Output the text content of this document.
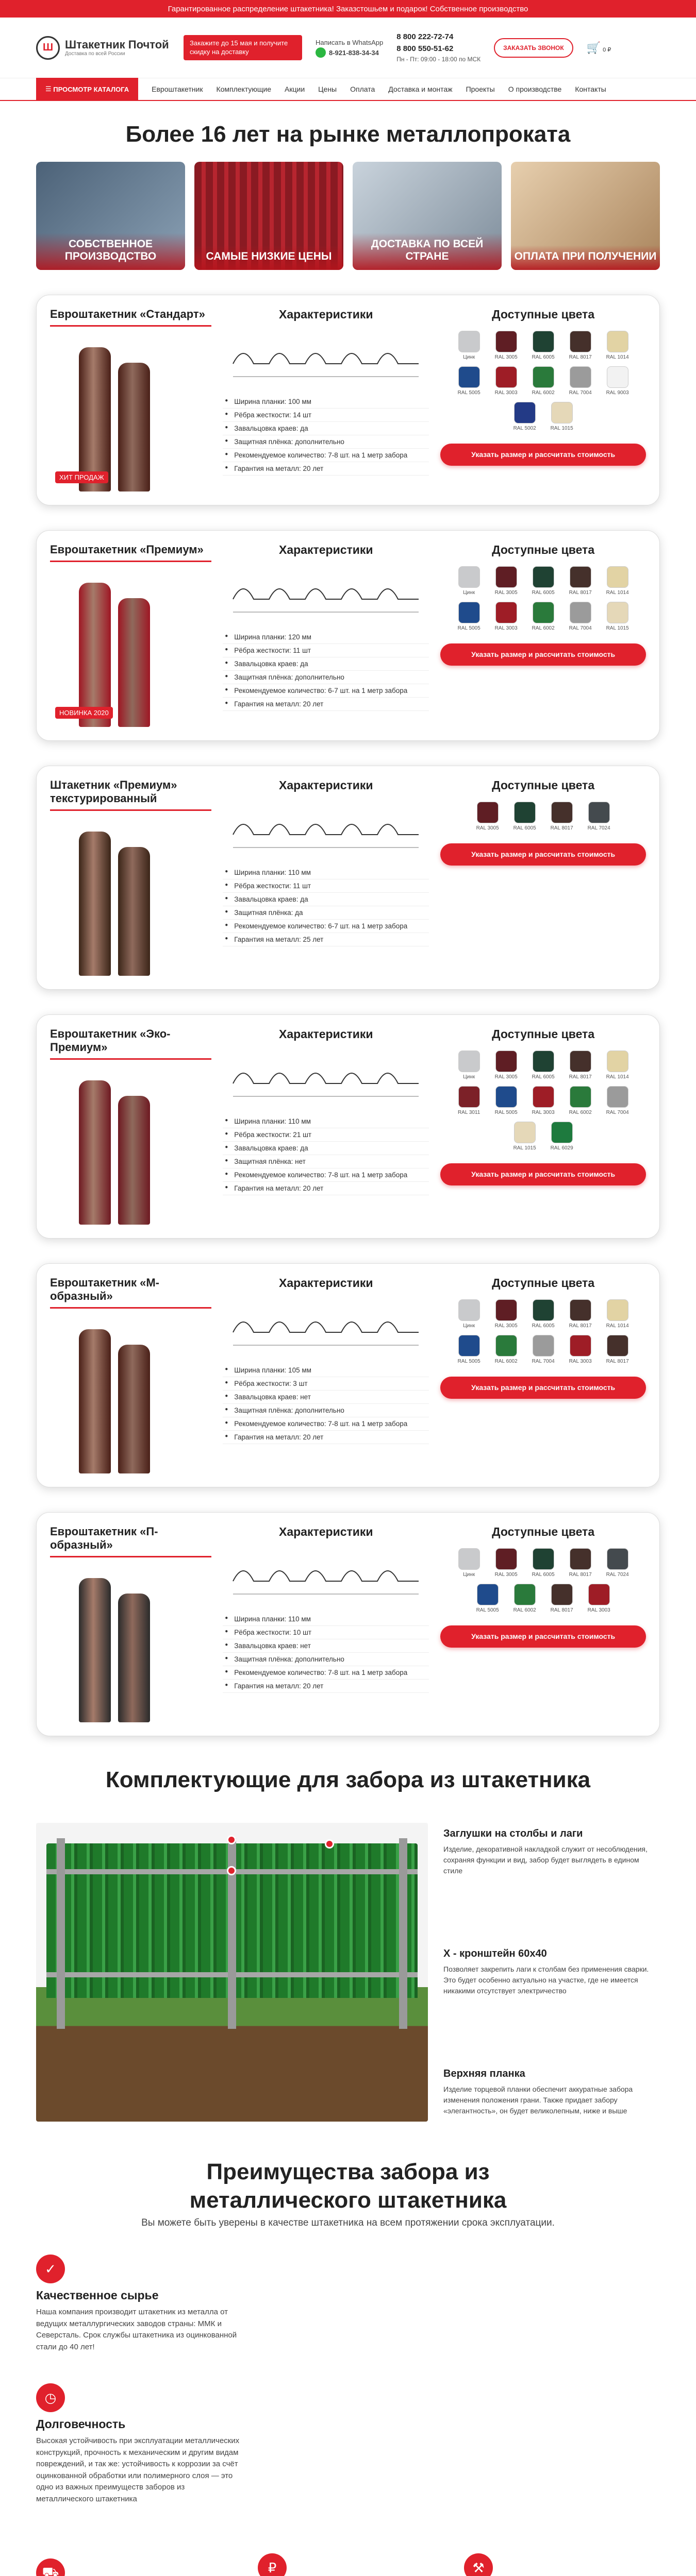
Гарантированное распределение штакетника! Заказстошьем и подарок! Собственное производство
Ш	Штакетник Почтой
Доставка по всей России
Закажите до 15 мая и получите скидку на доставку
Написать в WhatsApp
8-921-838-34-34
8 800 222-72-74
8 800 550-51-62
Пн - Пт: 09:00 - 18:00 по МСК
ЗАКАЗАТЬ ЗВОНОК	🛒 0 ₽
☰ ПРОСМОТР КАТАЛОГА	Евроштакетник Комплектующие Акции Цены Оплата Доставка и монтаж Проекты О производстве Контакты
Более 16 лет на рынке металлопроката
СОБСТВЕННОЕ ПРОИЗВОДСТВО	САМЫЕ НИЗКИЕ ЦЕНЫ
ДОСТАВКА ПО ВСЕЙ СТРАНЕ	ОПЛАТА ПРИ ПОЛУЧЕНИИ
Евроштакетник «Стандарт»
ХИТ ПРОДАЖ
Характеристики
● Ширина планки: 100 мм
● Рёбра жесткости: 14 шт
● Завальцовка краев: да
● Защитная плёнка: дополнительно
● Рекомендуемое количество: 7-8 шт. на 1 метр забора
● Гарантия на металл: 20 лет
Доступные цвета
Цинк	RAL 3005	RAL 6005	RAL 8017	RAL 1014
RAL 5005	RAL 3003	RAL 6002	RAL 7004	RAL 9003
RAL 5002	RAL 1015
Указать размер и рассчитать стоимость
Евроштакетник «Премиум»
НОВИНКА 2020
Характеристики
● Ширина планки: 120 мм
● Рёбра жесткости: 11 шт
● Завальцовка краев: да
● Защитная плёнка: дополнительно
● Рекомендуемое количество: 6-7 шт. на 1 метр забора
● Гарантия на металл: 20 лет
Доступные цвета
Цинк	RAL 3005	RAL 6005	RAL 8017	RAL 1014
RAL 5005	RAL 3003	RAL 6002	RAL 7004	RAL 1015
Указать размер и рассчитать стоимость
Штакетник «Премиум» текстурированный
Характеристики
● Ширина планки: 110 мм
● Рёбра жесткости: 11 шт
● Завальцовка краев: да
● Защитная плёнка: да
● Рекомендуемое количество: 6-7 шт. на 1 метр забора
● Гарантия на металл: 25 лет
Доступные цвета
RAL 3005	RAL 6005	RAL 8017	RAL 7024
Указать размер и рассчитать стоимость
Евроштакетник «Эко-Премиум»
Характеристики
● Ширина планки: 110 мм
● Рёбра жесткости: 21 шт
● Завальцовка краев: да
● Защитная плёнка: нет
● Рекомендуемое количество: 7-8 шт. на 1 метр забора
● Гарантия на металл: 20 лет
Доступные цвета
Цинк	RAL 3005	RAL 6005	RAL 8017	RAL 1014
RAL 3011	RAL 5005	RAL 3003	RAL 6002	RAL 7004
RAL 1015	RAL 6029
Указать размер и рассчитать стоимость
Евроштакетник «М-образный»
Характеристики
● Ширина планки: 105 мм
● Рёбра жесткости: 3 шт
● Завальцовка краев: нет
● Защитная плёнка: дополнительно
● Рекомендуемое количество: 7-8 шт. на 1 метр забора
● Гарантия на металл: 20 лет
Доступные цвета
Цинк	RAL 3005	RAL 6005	RAL 8017	RAL 1014
RAL 5005	RAL 6002	RAL 7004	RAL 3003	RAL 8017
Указать размер и рассчитать стоимость
Евроштакетник «П-образный»
Характеристики
● Ширина планки: 110 мм
● Рёбра жесткости: 10 шт
● Завальцовка краев: нет
● Защитная плёнка: дополнительно
● Рекомендуемое количество: 7-8 шт. на 1 метр забора
● Гарантия на металл: 20 лет
Доступные цвета
Цинк	RAL 3005	RAL 6005	RAL 8017	RAL 7024
RAL 5005	RAL 6002	RAL 8017	RAL 3003
Указать размер и рассчитать стоимость
Комплектующие для забора из штакетника
Заглушки на столбы и лаги
Изделие, декоративной накладкой служит от несоблюдения, сохраняя функции и вид, забор будет выглядеть в едином стиле
Х - кронштейн 60x40
Позволяет закрепить лаги к столбам без применения сварки. Это будет особенно актуально на участке, где не имеется никакими отсутствует электричество
Верхняя планка
Изделие торцевой планки обеспечит аккуратные забора изменения положения грани. Также придает забору «элегантность», он будет великолепным, ниже и выше
Преимущества забора из металлического штакетника
Вы можете быть уверены в качестве штакетника на всем протяжении срока эксплуатации.
✓
Качественное сырье
Наша компания производит штакетник из металла от ведущих металлургических заводов страны: ММК и Северсталь. Срок службы штакетника из оцинкованной стали до 40 лет!
◷
Долговечность
Высокая устойчивость при эксплуатации металлических конструкций, прочность к механическим и другим видам повреждений, и так же: устойчивость к коррозии за счёт оцинкованной обработки или полимерного слоя — это одно из важных преимуществ заборов из металлического штакетника
⛟	₽	⚒
